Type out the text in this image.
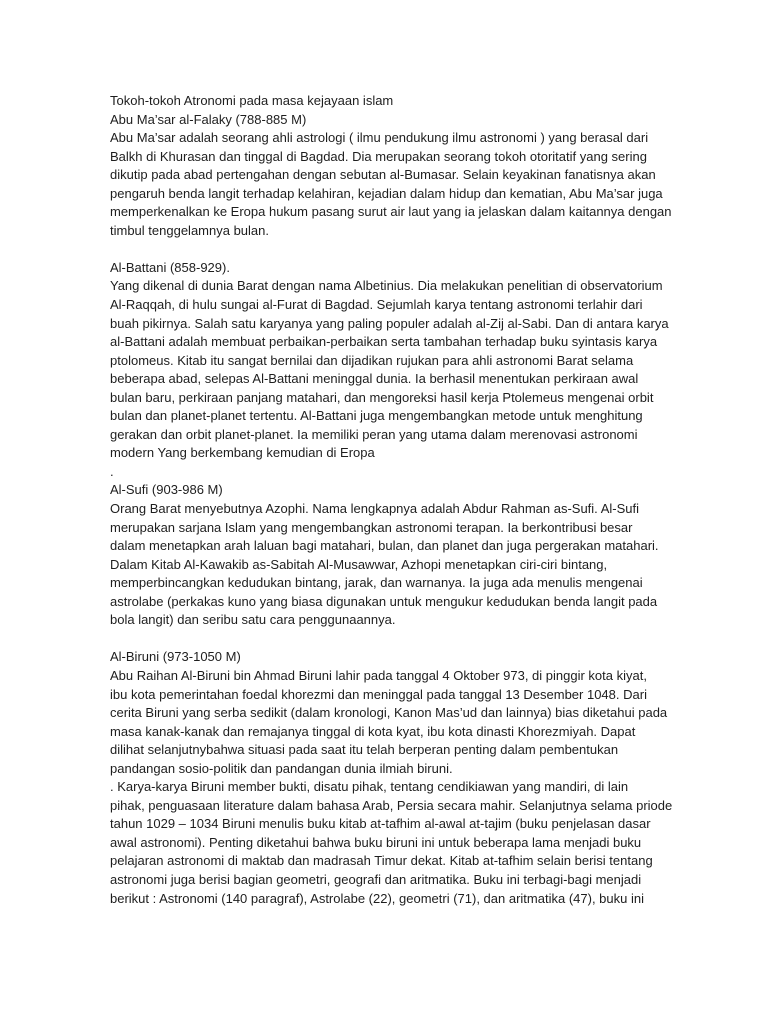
Tokoh-tokoh Atronomi pada masa kejayaan islam
Abu Ma’sar al-Falaky (788-885 M)
Abu Ma’sar adalah seorang ahli astrologi ( ilmu pendukung ilmu astronomi ) yang berasal dari
Balkh di Khurasan dan tinggal di Bagdad. Dia merupakan seorang tokoh otoritatif yang sering
dikutip pada abad pertengahan dengan sebutan al-Bumasar. Selain keyakinan fanatisnya akan
pengaruh benda langit terhadap kelahiran, kejadian dalam hidup dan kematian, Abu Ma’sar juga
memperkenalkan ke Eropa hukum pasang surut air laut yang ia jelaskan dalam kaitannya dengan
timbul tenggelamnya bulan.
Al-Battani (858-929).
Yang dikenal di dunia Barat dengan nama Albetinius. Dia melakukan penelitian di observatorium
Al-Raqqah, di hulu sungai al-Furat di Bagdad. Sejumlah karya tentang astronomi terlahir dari
buah pikirnya. Salah satu karyanya yang paling populer adalah al-Zij al-Sabi. Dan di antara karya
al-Battani adalah membuat perbaikan-perbaikan serta tambahan terhadap buku syintasis karya
ptolomeus. Kitab itu sangat bernilai dan dijadikan rujukan para ahli astronomi Barat selama
beberapa abad, selepas Al-Battani meninggal dunia. Ia berhasil menentukan perkiraan awal
bulan baru, perkiraan panjang matahari, dan mengoreksi hasil kerja Ptolemeus mengenai orbit
bulan dan planet-planet tertentu. Al-Battani juga mengembangkan metode untuk menghitung
gerakan dan orbit planet-planet. Ia memiliki peran yang utama dalam merenovasi astronomi
modern Yang berkembang kemudian di Eropa
.
Al-Sufi (903-986 M)
Orang Barat menyebutnya Azophi. Nama lengkapnya adalah Abdur Rahman as-Sufi. Al-Sufi
merupakan sarjana Islam yang mengembangkan astronomi terapan. Ia berkontribusi besar
dalam menetapkan arah laluan bagi matahari, bulan, dan planet dan juga pergerakan matahari.
Dalam Kitab Al-Kawakib as-Sabitah Al-Musawwar, Azhopi menetapkan ciri-ciri bintang,
memperbincangkan kedudukan bintang, jarak, dan warnanya. Ia juga ada menulis mengenai
astrolabe (perkakas kuno yang biasa digunakan untuk mengukur kedudukan benda langit pada
bola langit) dan seribu satu cara penggunaannya.
Al-Biruni (973-1050 M)
Abu Raihan Al-Biruni bin Ahmad Biruni lahir pada tanggal 4 Oktober 973, di pinggir kota kiyat,
ibu kota pemerintahan foedal khorezmi dan meninggal pada tanggal 13 Desember 1048. Dari
cerita Biruni yang serba sedikit (dalam kronologi, Kanon Mas’ud dan lainnya) bias diketahui pada
masa kanak-kanak dan remajanya tinggal di kota kyat, ibu kota dinasti Khorezmiyah. Dapat
dilihat selanjutnybahwa situasi pada saat itu telah berperan penting dalam pembentukan
pandangan sosio-politik dan pandangan dunia ilmiah biruni.
. Karya-karya Biruni member bukti, disatu pihak, tentang cendikiawan yang mandiri, di lain
pihak, penguasaan literature dalam bahasa Arab, Persia secara mahir. Selanjutnya selama priode
tahun 1029 – 1034 Biruni menulis buku kitab at-tafhim al-awal at-tajim (buku penjelasan dasar
awal astronomi). Penting diketahui bahwa buku biruni ini untuk beberapa lama menjadi buku
pelajaran astronomi di maktab dan madrasah Timur dekat. Kitab at-tafhim selain berisi tentang
astronomi juga berisi bagian geometri, geografi dan aritmatika. Buku ini terbagi-bagi menjadi
berikut : Astronomi (140 paragraf), Astrolabe (22), geometri (71), dan aritmatika (47), buku ini
